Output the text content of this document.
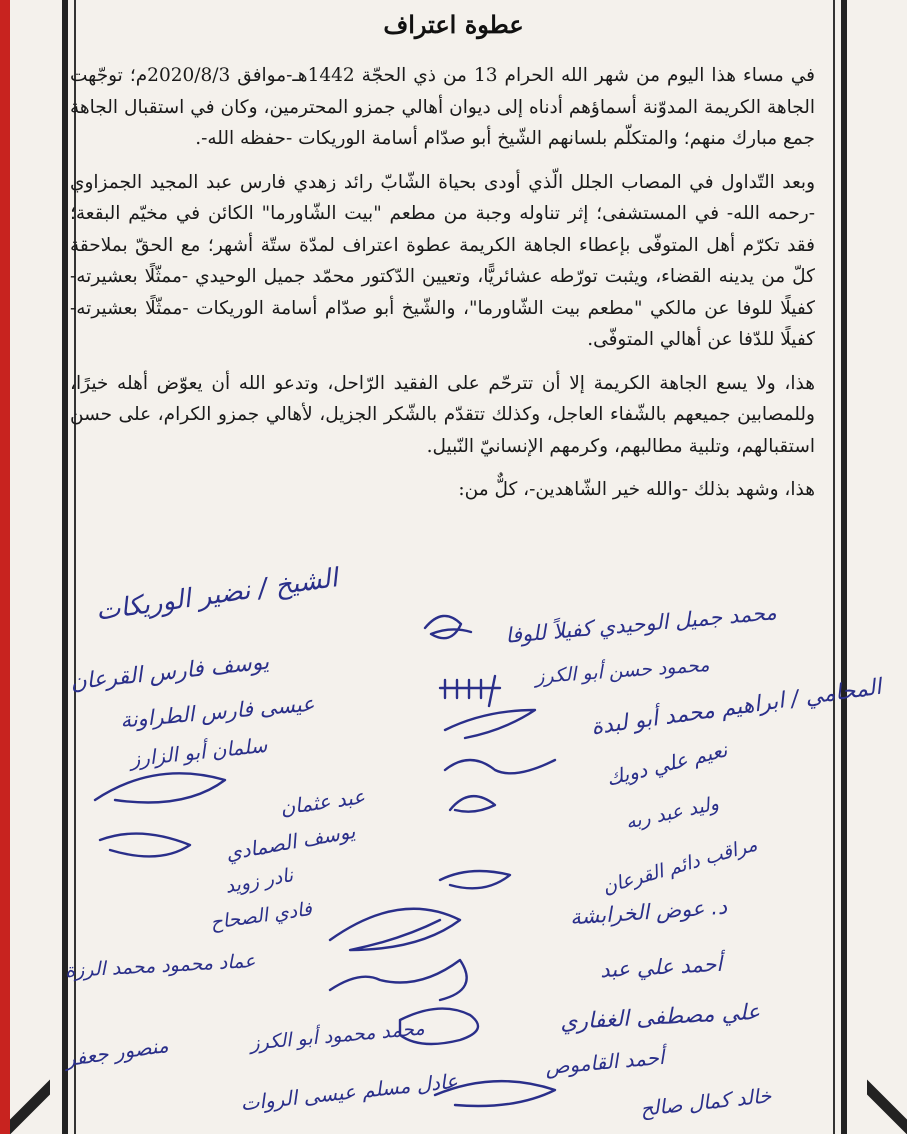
عطوة اعتراف

في مساء هذا اليوم من شهر الله الحرام 13 من ذي الحجّة 1442هـ-موافق 2020/8/3م؛ توجّهت الجاهة الكريمة المدوّنة أسماؤهم أدناه إلى ديوان أهالي جمزو المحترمين، وكان في استقبال الجاهة جمع مبارك منهم؛ والمتكلّم بلسانهم الشّيخ أبو صدّام أسامة الوريكات -حفظه الله-.

وبعد التّداول في المصاب الجلل الّذي أودى بحياة الشّابّ رائد زهدي فارس عبد المجيد الجمزاوي -رحمه الله- في المستشفى؛ إثر تناوله وجبة من مطعم "بيت الشّاورما" الكائن في مخيّم البقعة؛ فقد تكرّم أهل المتوفّى بإعطاء الجاهة الكريمة عطوة اعتراف لمدّة ستّة أشهر؛ مع الحقّ بملاحقة كلّ من يدينه القضاء، ويثبت تورّطه عشائريًّا، وتعيين الدّكتور محمّد جميل الوحيدي -ممثّلًا بعشيرته- كفيلًا للوفا عن مالكي "مطعم بيت الشّاورما"، والشّيخ أبو صدّام أسامة الوريكات -ممثّلًا بعشيرته- كفيلًا للدّفا عن أهالي المتوفّى.

هذا، ولا يسع الجاهة الكريمة إلا أن تترحّم على الفقيد الرّاحل، وتدعو الله أن يعوّض أهله خيرًا، وللمصابين جميعهم بالشّفاء العاجل، وكذلك تتقدّم بالشّكر الجزيل، لأهالي جمزو الكرام، على حسن استقبالهم، وتلبية مطالبهم، وكرمهم الإنسانيّ النّبيل.

هذا، وشهد بذلك -والله خير الشّاهدين-، كلٌّ من:

الشيخ / نضير الوريكات	محمد جميل الوحيدي كفيلاً للوفا
محمود حسن أبو الكرز
يوسف فارس القرعان
عيسى فارس الطراونة
سلمان أبو الزارز
المحامي / ابراهيم محمد أبو لبدة
نعيم علي دويك
وليد عبد ربه
عبد عثمان
يوسف الصمادي
نادر زويد
فادي الصحاح
مراقب دائم القرعان
د. عوض الخرابشة
أحمد علي عبد
عماد محمود محمد الرزة
محمد محمود أبو الكرز	علي مصطفى الغفاري
عادل مسلم عيسى الروات
أحمد القاموص
منصور جعفر
خالد كمال صالح
